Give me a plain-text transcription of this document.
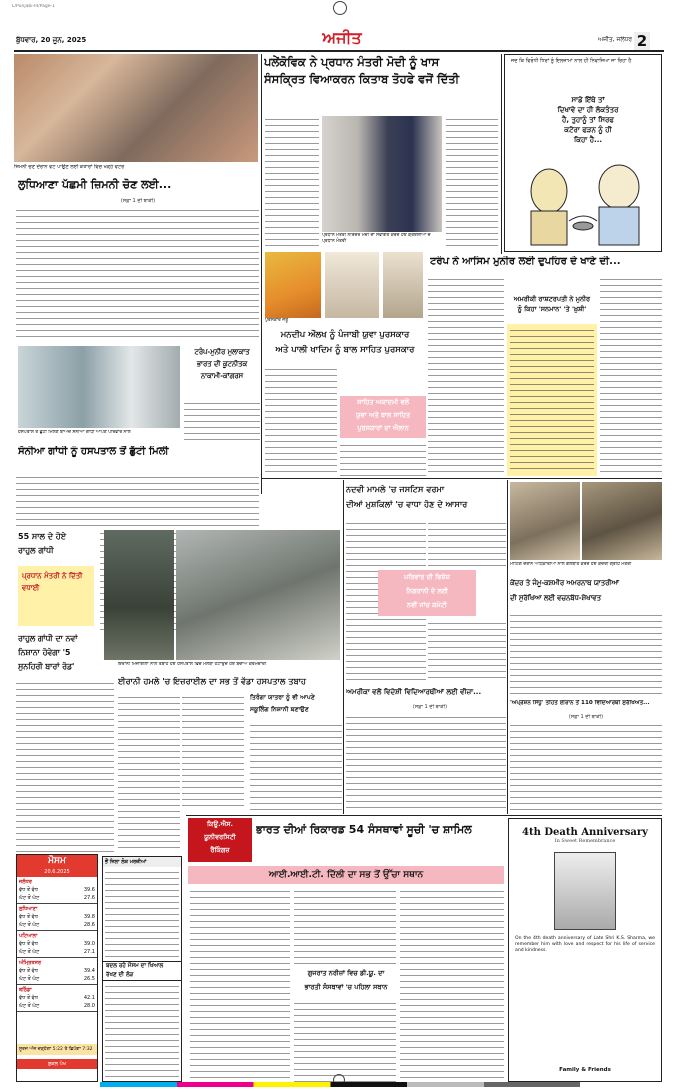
L/Punjabi-III/Page-1
ਬੁੱਧਵਾਰ, 20 ਜੂਨ, 2025	ਅਜੀਤ	ਅਜੀਤ, ਜਲੰਧਰ 2
ਜ਼ਿਮਨੀ ਚੋਣ ਦੌਰਾਨ ਵੋਟ ਪਾਉਣ ਲਈ ਕਤਾਰਾਂ ਵਿਚ ਖੜ੍ਹੇ ਵੋਟਰ
ਲੁਧਿਆਣਾ ਪੱਛਮੀ ਜ਼ਿਮਨੀ ਚੋਣ ਲਈ...
(ਸਫ਼ਾ 1 ਦੀ ਬਾਕੀ)
ਪਲੇਂਕੋਵਿਕ ਨੇ ਪ੍ਰਧਾਨ ਮੰਤਰੀ ਮੋਦੀ ਨੂੰ ਖਾਸ
ਸੰਸਕ੍ਰਿਤ ਵਿਆਕਰਨ ਕਿਤਾਬ ਤੋਹਫੇ ਵਜੋਂ ਦਿੱਤੀ
ਪ੍ਰਧਾਨ ਮੰਤਰੀ ਨਰਿੰਦਰ ਮੋਦੀ ਦਾ ਸਵਾਗਤ ਕਰਦੇ ਹੋਏ ਕ੍ਰੋਏਸ਼ੀਆ ਦੇ ਪ੍ਰਧਾਨ ਮੰਤਰੀ
ਜਦ ਕਿ ਵਿਰੋਧੀ ਧਿਰਾਂ ਨੂੰ ਇਲਜ਼ਾਮਾਂ ਨਾਲ ਹੀ ਨਿਵਾਜਿਆ ਜਾ ਰਿਹਾ ਹੈ
ਸਾਡੇ ਇੱਥੇ ਤਾਂ
ਦਿਖਾਵੇ ਦਾ ਹੀ ਲੋਕਤੰਤਰ
ਹੈ, ਤੁਹਾਨੂੰ ਤਾਂ ਸਿਰਫ
ਕਟੋਰਾ ਫੜਨ ਨੂੰ ਹੀ
ਕਿਹਾ ਹੈ...
ਟਰੰਪ ਨੇ ਆਸਿਮ ਮੁਨੀਰ ਲਈ ਦੁਪਹਿਰ ਦੇ ਖਾਣੇ ਦੀ...
ਅਮਰੀਕੀ ਰਾਸ਼ਟਰਪਤੀ ਨੇ ਮੁਨੀਰ
ਨੂੰ ਕਿਹਾ 'ਸਨਮਾਨ' 'ਤੇ 'ਖ਼ੁਸ਼ੀ'
ਪੁਰਸਕਾਰ ਜੇਤੂ
ਮਨਦੀਪ ਔਲਖ ਨੂੰ ਪੰਜਾਬੀ ਯੁਵਾ ਪੁਰਸਕਾਰ
ਅਤੇ ਪਾਲੀ ਖਾਦਿਮ ਨੂੰ ਬਾਲ ਸਾਹਿਤ ਪੁਰਸਕਾਰ
ਸਾਹਿਤ ਅਕਾਦਮੀ ਵਲੋਂ
ਯੁਵਾ ਅਤੇ ਬਾਲ ਸਾਹਿਤ
ਪੁਰਸਕਾਰਾਂ ਦਾ ਐਲਾਨ
ਹਸਪਤਾਲ ਤੋਂ ਛੁੱਟੀ ਮਿਲਣ ਬਾਅਦ ਸੋਨੀਆ ਗਾਂਧੀ ਆਪਣੇ ਪਰਿਵਾਰ ਨਾਲ
ਸੋਨੀਆ ਗਾਂਧੀ ਨੂੰ ਹਸਪਤਾਲ ਤੋਂ ਛੁੱਟੀ ਮਿਲੀ
ਟਰੰਪ-ਮੁਨੀਰ ਮੁਲਾਕਾਤ
ਭਾਰਤ ਦੀ ਕੂਟਨੀਤਕ
ਨਾਕਾਮੀ-ਕਾਂਗਰਸ
55 ਸਾਲ ਦੇ ਹੋਏ
ਰਾਹੁਲ ਗਾਂਧੀ
ਪ੍ਰਧਾਨ ਮੰਤਰੀ ਨੇ ਦਿੱਤੀ ਵਧਾਈ
ਰਾਹੁਲ ਗਾਂਧੀ ਦਾ ਨਵਾਂ
ਨਿਸ਼ਾਨਾ ਹੋਵੇਗਾ '5
ਸੁਨਹਿਰੀ ਬਾਰਾਂ ਰੋਡ'	ਇਰਾਨੀ ਮਿਜ਼ਾਈਲਾਂ ਨਾਲ ਤਬਾਹ ਹੋਏ ਹਸਪਤਾਲ ਵਿਚ ਮਲਬਾ ਹਟਾਉਂਦੇ ਹੋਏ ਬਚਾਅ ਕਰਮਚਾਰੀ
ਈਰਾਨੀ ਹਮਲੇ 'ਚ ਇਜ਼ਰਾਈਲ ਦਾ ਸਭ ਤੋਂ ਵੱਡਾ ਹਸਪਤਾਲ ਤਬਾਹ
ਤਿਰੰਗਾ ਯਾਤਰਾ ਨੂੰ ਵੀ ਆਪਣੇ
ਸਕੂਲਿੰਗ ਨਿਸ਼ਾਨੀ ਬਣਾਉਣ
ਨਦਵੀ ਮਾਮਲੇ 'ਚ ਜਸਟਿਸ ਵਰਮਾ
ਦੀਆਂ ਮੁਸ਼ਕਿਲਾਂ 'ਚ ਵਾਧਾ ਹੋਣ ਦੇ ਆਸਾਰ
ਪਰਿਵਾਰ ਦੀ ਵਿਸ਼ੇਸ਼
ਨਿਗਰਾਨੀ ਦੇ ਲਈ
ਨਵੀਂ ਜਾਂਚ ਕਮੇਟੀ
ਮੀਟਿੰਗ ਦੌਰਾਨ ਅਧਿਕਾਰੀਆਂ ਨਾਲ ਗੱਲਬਾਤ ਕਰਦੇ ਹੋਏ ਕੇਂਦਰੀ ਗ੍ਰਹਿ ਮੰਤਰੀ
ਕੇਂਦਰ ਤੇ ਜੰਮੂ-ਕਸ਼ਮੀਰ ਅਮਰਨਾਥ ਯਾਤਰੀਆਂ
ਦੀ ਸੁਰੱਖਿਆ ਲਈ ਵਚਨਬੱਧ-ਸ਼ੇਖਾਵਤ
ਅਮਰੀਕਾ ਵਲੋਂ ਵਿਦੇਸ਼ੀ ਵਿਦਿਆਰਥੀਆਂ ਲਈ ਵੀਜ਼ਾ...
(ਸਫ਼ਾ 1 ਦੀ ਬਾਕੀ)
'ਅਪ੍ਰੇਸ਼ਨ ਸਿੰਧੂ' ਤਹਿਤ ਈਰਾਨ ਤੋਂ 110 ਵਿਦਿਆਰਥੀ ਸੁਰੱਖਿਅਤ...
(ਸਫ਼ਾ 1 ਦੀ ਬਾਕੀ)
ਮੌਸਮ
20.6.2025
ਜਲੰਧਰ
ਵੱਧ ਤੋਂ ਵੱਧ	39.6
ਘੱਟ ਤੋਂ ਘੱਟ	27.6
ਲੁਧਿਆਣਾ
ਵੱਧ ਤੋਂ ਵੱਧ	39.8
ਘੱਟ ਤੋਂ ਘੱਟ	28.6
ਪਟਿਆਲਾ
ਵੱਧ ਤੋਂ ਵੱਧ	39.0
ਘੱਟ ਤੋਂ ਘੱਟ	27.1
ਅੰਮ੍ਰਿਤਸਰ
ਵੱਧ ਤੋਂ ਵੱਧ	39.4
ਘੱਟ ਤੋਂ ਘੱਟ	26.5
ਬਠਿੰਡਾ
ਵੱਧ ਤੋਂ ਵੱਧ	42.1
ਘੱਟ ਤੋਂ ਘੱਟ	28.0
ਸੂਰਜ ਅੱਜ ਚੜ੍ਹੇਗਾ 5:22 ਤੇ ਛਿਪੇਗਾ 7:32
ਸ਼ੁਕਲ ਪੱਖ
ਭੌਂ ਜਿਲਾ ਲੋਕ ਮਰਜ਼ੀਆਂ
ਬਦਲ ਰਹੇ ਮੌਸਮ ਦਾ ਖਿਆਲ
ਰੱਖਣ ਦੀ ਲੋੜ
ਕਿਊ.ਐਸ.
ਯੂਨੀਵਰਸਿਟੀ
ਰੈਂਕਿੰਗਜ਼
ਭਾਰਤ ਦੀਆਂ ਰਿਕਾਰਡ 54 ਸੰਸਥਾਵਾਂ ਸੂਚੀ 'ਚ ਸ਼ਾਮਿਲ
ਆਈ.ਆਈ.ਟੀ. ਦਿੱਲੀ ਦਾ ਸਭ ਤੋਂ ਉੱਚਾ ਸਥਾਨ
ਗੁਜਰਾਤ ਨਰੀਜ਼ਾਂ ਵਿਚ ਡੀ.ਯੂ. ਦਾ
ਭਾਰਤੀ ਸੰਸਥਾਵਾਂ 'ਚ ਪਹਿਲਾ ਸਥਾਨ
4th Death Anniversary
In Sweet Remembrance
On the 4th death anniversary of Late Shri K.S. Sharma, we remember him with love and respect for his life of service and kindness.
Family & Friends
